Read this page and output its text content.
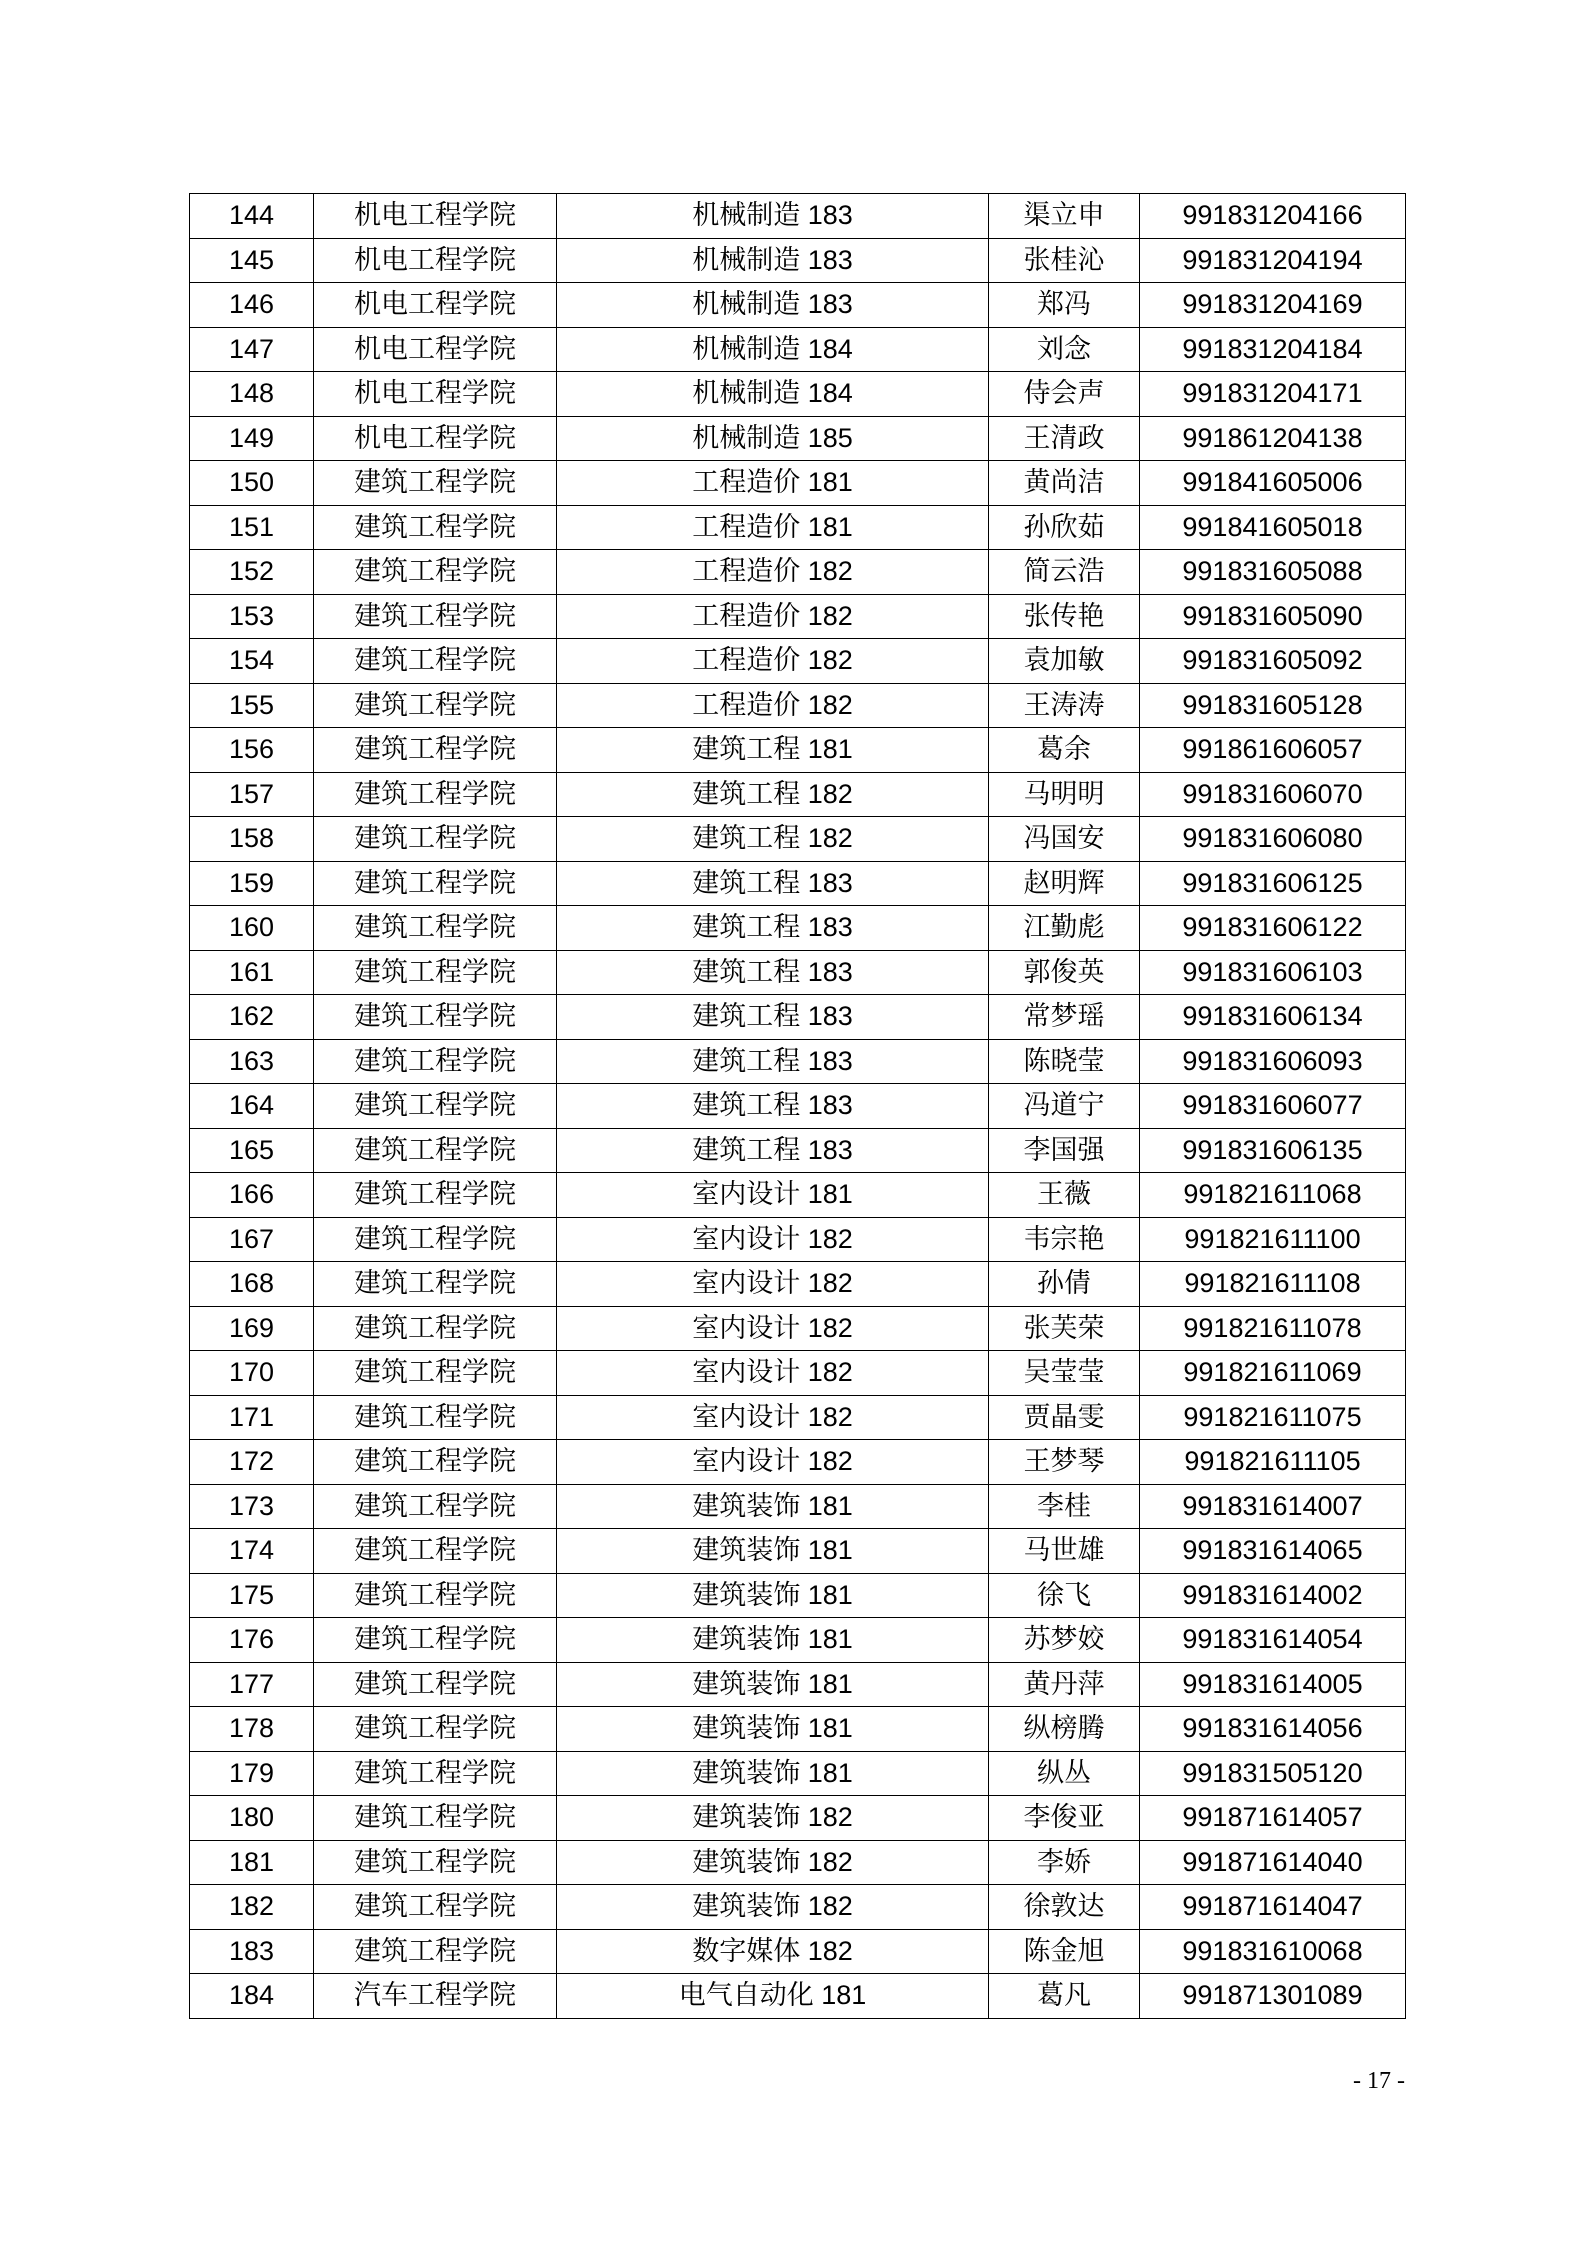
144	机电工程学院	机械制造 183	渠立申	991831204166
145	机电工程学院	机械制造 183	张桂沁	991831204194
146	机电工程学院	机械制造 183	郑冯	991831204169
147	机电工程学院	机械制造 184	刘念	991831204184
148	机电工程学院	机械制造 184	侍会声	991831204171
149	机电工程学院	机械制造 185	王清政	991861204138
150	建筑工程学院	工程造价 181	黄尚洁	991841605006
151	建筑工程学院	工程造价 181	孙欣茹	991841605018
152	建筑工程学院	工程造价 182	简云浩	991831605088
153	建筑工程学院	工程造价 182	张传艳	991831605090
154	建筑工程学院	工程造价 182	袁加敏	991831605092
155	建筑工程学院	工程造价 182	王涛涛	991831605128
156	建筑工程学院	建筑工程 181	葛余	991861606057
157	建筑工程学院	建筑工程 182	马明明	991831606070
158	建筑工程学院	建筑工程 182	冯国安	991831606080
159	建筑工程学院	建筑工程 183	赵明辉	991831606125
160	建筑工程学院	建筑工程 183	江勤彪	991831606122
161	建筑工程学院	建筑工程 183	郭俊英	991831606103
162	建筑工程学院	建筑工程 183	常梦瑶	991831606134
163	建筑工程学院	建筑工程 183	陈晓莹	991831606093
164	建筑工程学院	建筑工程 183	冯道宁	991831606077
165	建筑工程学院	建筑工程 183	李国强	991831606135
166	建筑工程学院	室内设计 181	王薇	991821611068
167	建筑工程学院	室内设计 182	韦宗艳	991821611100
168	建筑工程学院	室内设计 182	孙倩	991821611108
169	建筑工程学院	室内设计 182	张芙荣	991821611078
170	建筑工程学院	室内设计 182	吴莹莹	991821611069
171	建筑工程学院	室内设计 182	贾晶雯	991821611075
172	建筑工程学院	室内设计 182	王梦琴	991821611105
173	建筑工程学院	建筑装饰 181	李桂	991831614007
174	建筑工程学院	建筑装饰 181	马世雄	991831614065
175	建筑工程学院	建筑装饰 181	徐飞	991831614002
176	建筑工程学院	建筑装饰 181	苏梦姣	991831614054
177	建筑工程学院	建筑装饰 181	黄丹萍	991831614005
178	建筑工程学院	建筑装饰 181	纵榜腾	991831614056
179	建筑工程学院	建筑装饰 181	纵丛	991831505120
180	建筑工程学院	建筑装饰 182	李俊亚	991871614057
181	建筑工程学院	建筑装饰 182	李娇	991871614040
182	建筑工程学院	建筑装饰 182	徐敦达	991871614047
183	建筑工程学院	数字媒体 182	陈金旭	991831610068
184	汽车工程学院	电气自动化 181	葛凡	991871301089
- 17 -
